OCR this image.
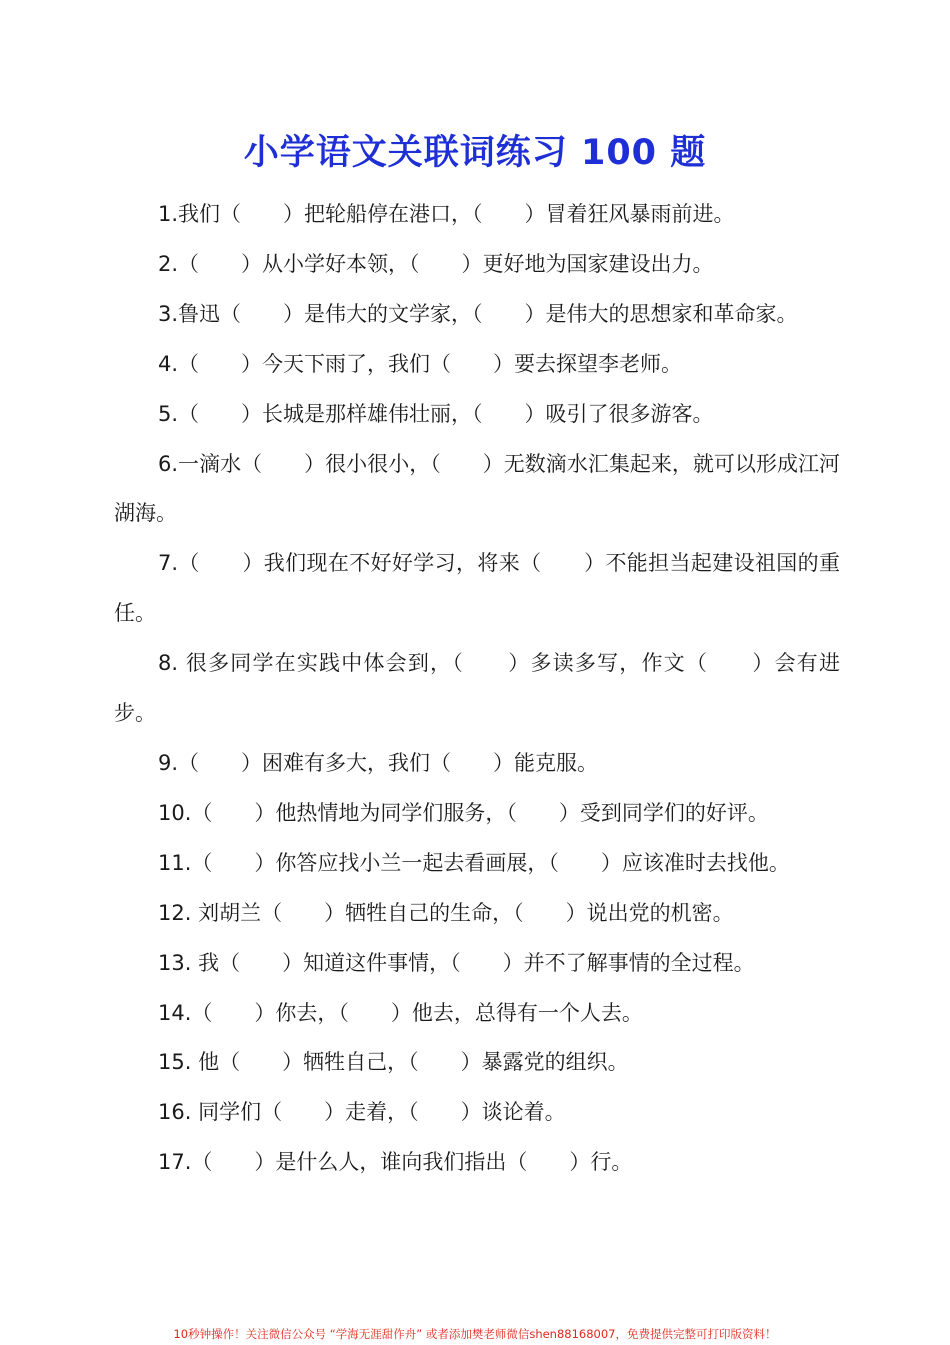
小学语文关联词练习 100 题
1.我们（　　）把轮船停在港口，（　　）冒着狂风暴雨前进。
2.（　　）从小学好本领，（　　）更好地为国家建设出力。
3.鲁迅（　　）是伟大的文学家，（　　）是伟大的思想家和革命家。
4.（　　）今天下雨了，我们（　　）要去探望李老师。
5.（　　）长城是那样雄伟壮丽，（　　）吸引了很多游客。
6.一滴水（　　）很小很小，（　　）无数滴水汇集起来，就可以形成江河湖海。
7.（　　）我们现在不好好学习，将来（　　）不能担当起建设祖国的重任。
8. 很多同学在实践中体会到，（　　）多读多写，作文（　　）会有进步。
9.（　　）困难有多大，我们（　　）能克服。
10.（　　）他热情地为同学们服务，（　　）受到同学们的好评。
11.（　　）你答应找小兰一起去看画展，（　　）应该准时去找他。
12. 刘胡兰（　　）牺牲自己的生命，（　　）说出党的机密。
13. 我（　　）知道这件事情，（　　）并不了解事情的全过程。
14.（　　）你去，（　　）他去，总得有一个人去。
15. 他（　　）牺牲自己，（　　）暴露党的组织。
16. 同学们（　　）走着，（　　）谈论着。
17.（　　）是什么人，谁向我们指出（　　）行。
10秒钟操作！关注微信公众号 “学海无涯甜作舟” 或者添加樊老师微信shen88168007，免费提供完整可打印版资料！
